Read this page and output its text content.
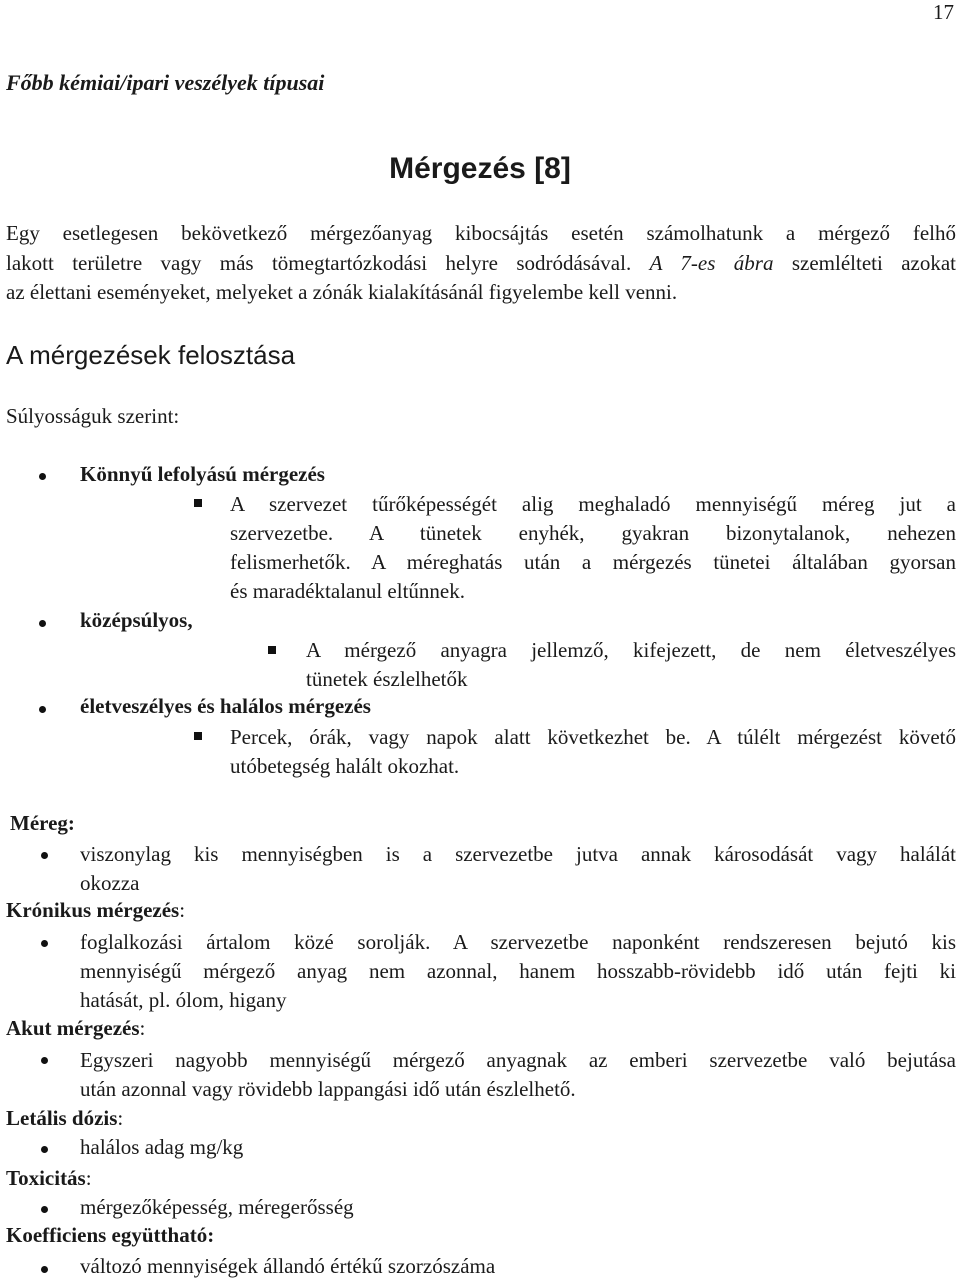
17
Főbb kémiai/ipari veszélyek típusai
Mérgezés [8]
Egy esetlegesen bekövetkező mérgezőanyag kibocsájtás esetén számolhatunk a mérgező felhő
lakott területre vagy más tömegtartózkodási helyre sodródásával. A 7-es ábra szemlélteti azokat
az élettani eseményeket, melyeket a zónák kialakításánál figyelembe kell venni.
A mérgezések felosztása
Súlyosságuk szerint:
Könnyű lefolyású mérgezés
A szervezet tűrőképességét alig meghaladó mennyiségű méreg jut a
szervezetbe. A tünetek enyhék, gyakran bizonytalanok, nehezen
felismerhetők. A méreghatás után a mérgezés tünetei általában gyorsan
és maradéktalanul eltűnnek.
középsúlyos,
A mérgező anyagra jellemző, kifejezett, de nem életveszélyes
tünetek észlelhetők
életveszélyes és halálos mérgezés
Percek, órák, vagy napok alatt következhet be. A túlélt mérgezést követő
utóbetegség halált okozhat.
Méreg:
viszonylag kis mennyiségben is a szervezetbe jutva annak károsodását vagy halálát
okozza
Krónikus mérgezés:
foglalkozási ártalom közé sorolják. A szervezetbe naponként rendszeresen bejutó kis
mennyiségű mérgező anyag nem azonnal, hanem hosszabb-rövidebb idő után fejti ki
hatását, pl. ólom, higany
Akut mérgezés:
Egyszeri nagyobb mennyiségű mérgező anyagnak az emberi szervezetbe való bejutása
után azonnal vagy rövidebb lappangási idő után észlelhető.
Letális dózis:
halálos adag mg/kg
Toxicitás:
mérgezőképesség, méregerősség
Koefficiens együttható:
változó mennyiségek állandó értékű szorzószáma
